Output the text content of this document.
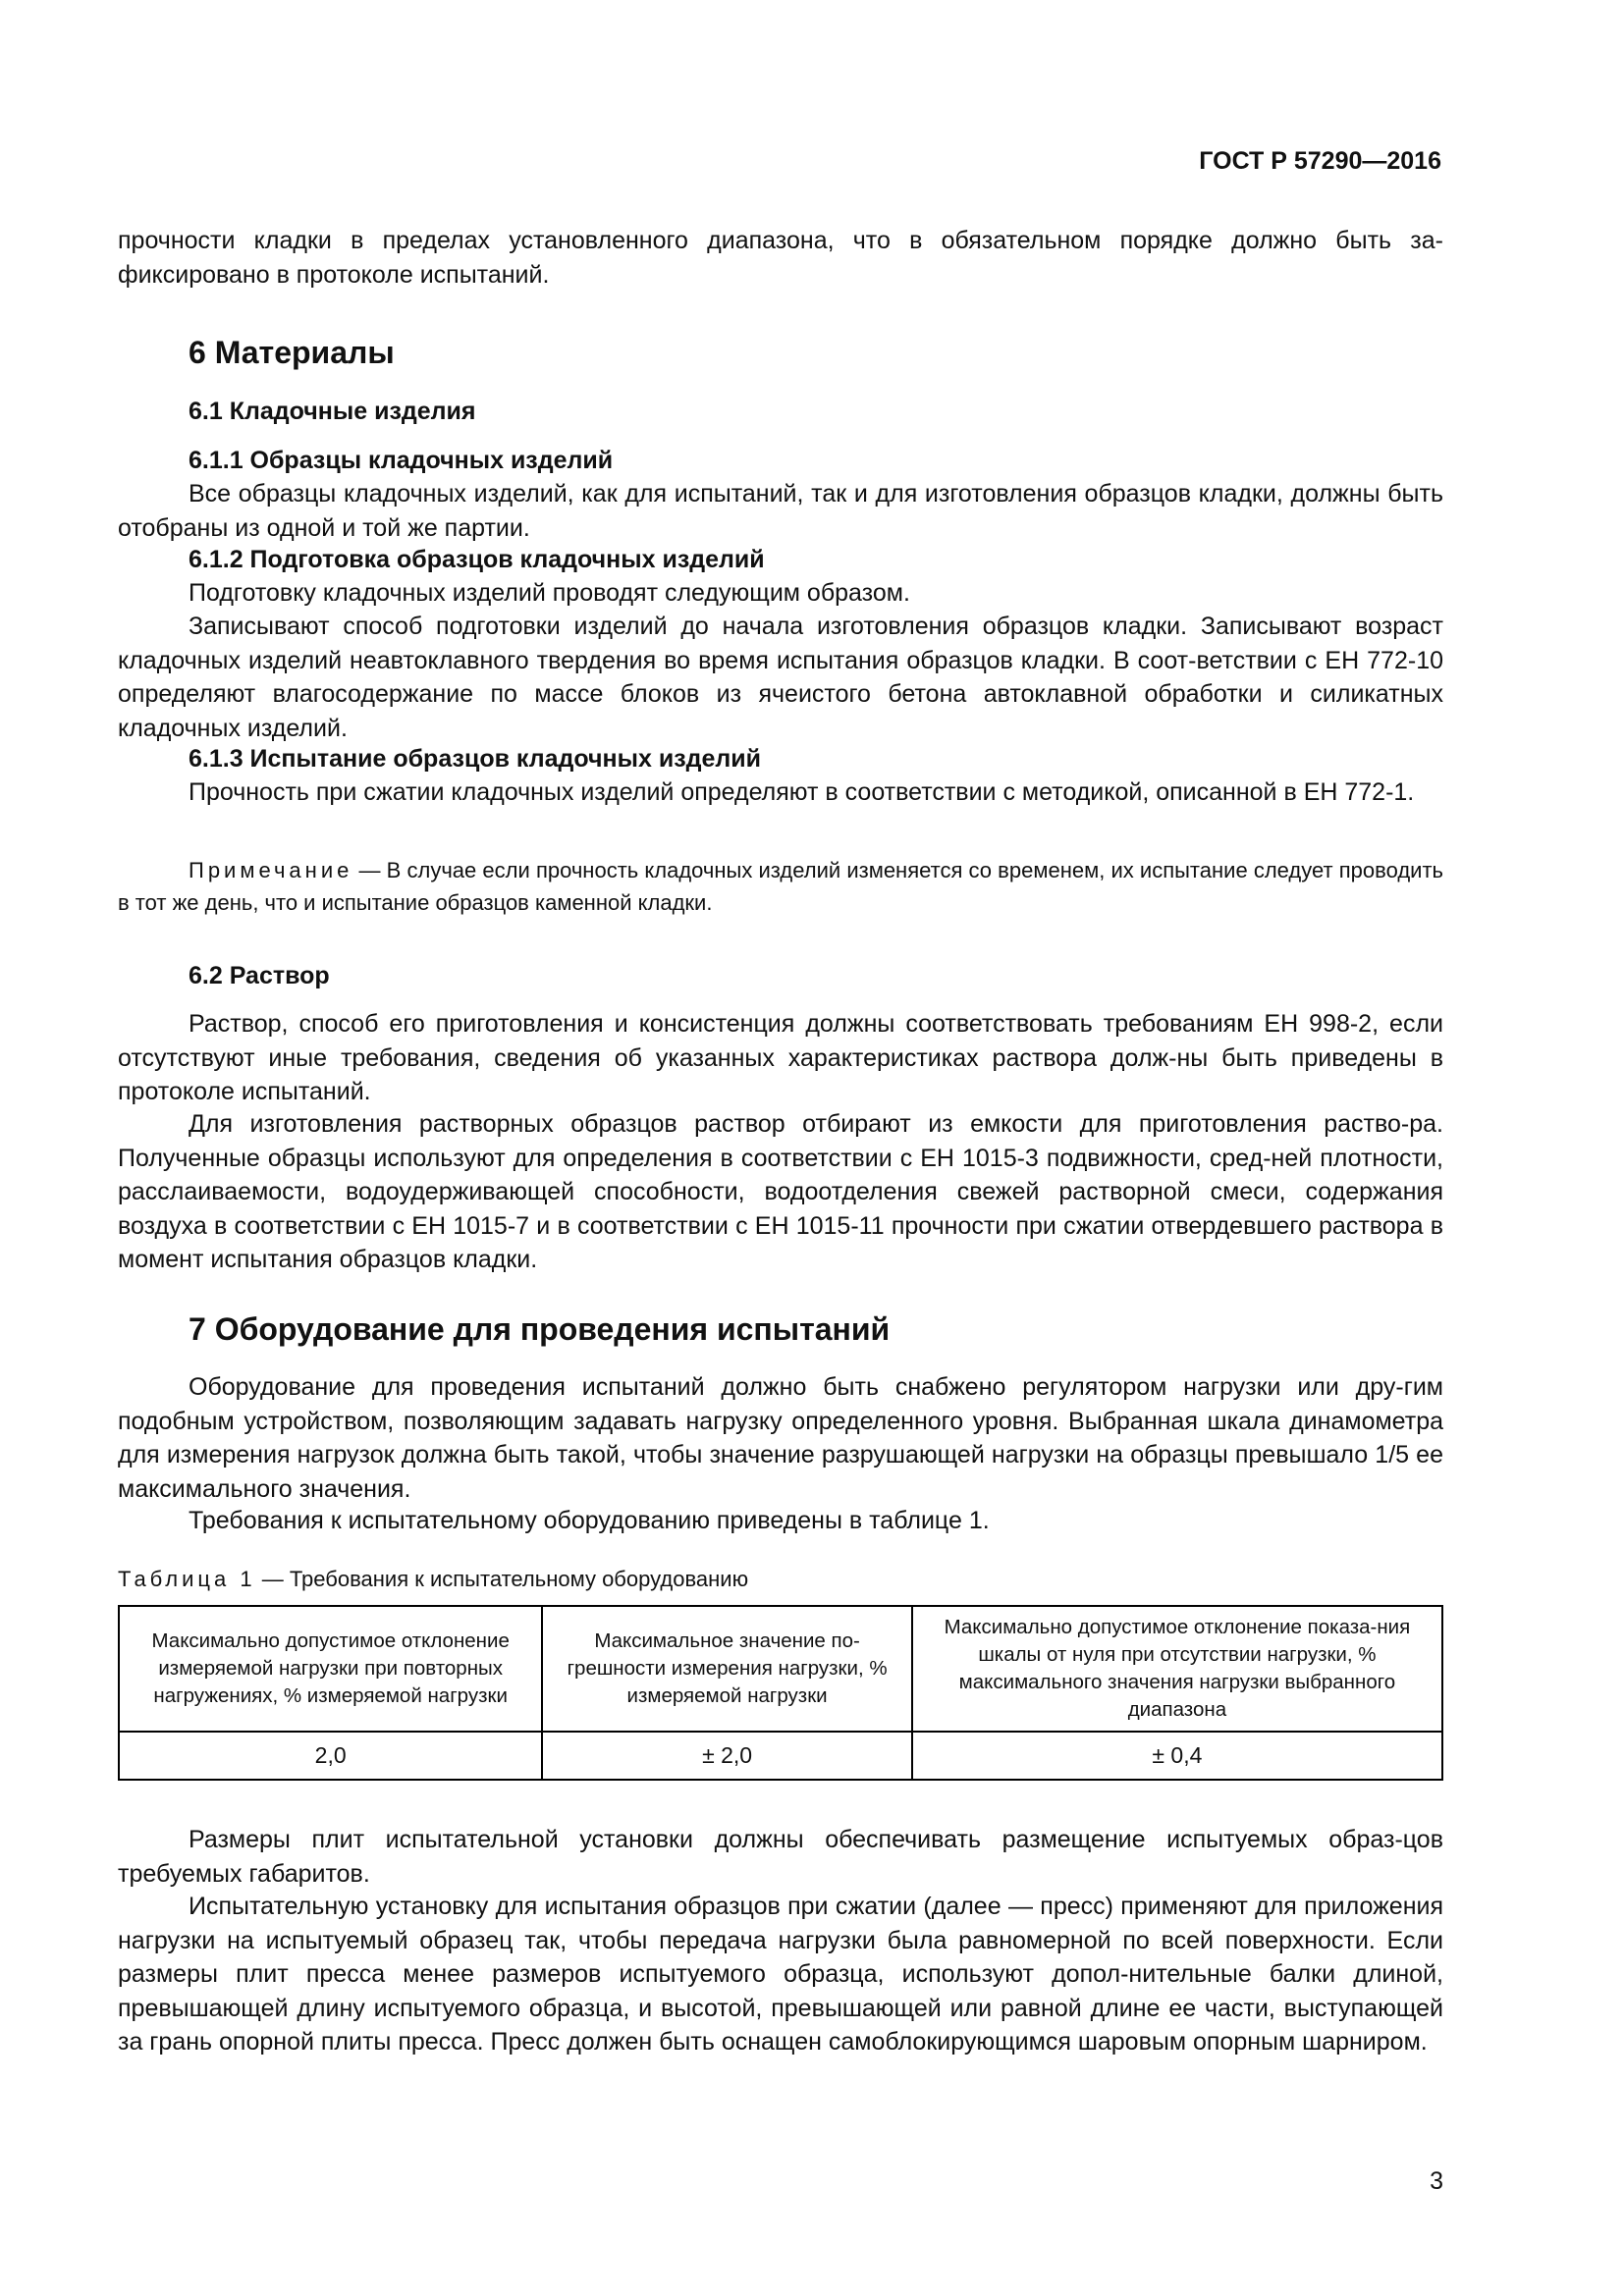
ГОСТ Р 57290—2016
прочности кладки в пределах установленного диапазона, что в обязательном порядке должно быть за-фиксировано в протоколе испытаний.
6 Материалы
6.1 Кладочные изделия
6.1.1 Образцы кладочных изделий
Все образцы кладочных изделий, как для испытаний, так и для изготовления образцов кладки, должны быть отобраны из одной и той же партии.
6.1.2 Подготовка образцов кладочных изделий
Подготовку кладочных изделий проводят следующим образом.
Записывают способ подготовки изделий до начала изготовления образцов кладки. Записывают возраст кладочных изделий неавтоклавного твердения во время испытания образцов кладки. В соот-ветствии с ЕН 772-10 определяют влагосодержание по массе блоков из ячеистого бетона автоклавной обработки и силикатных кладочных изделий.
6.1.3 Испытание образцов кладочных изделий
Прочность при сжатии кладочных изделий определяют в соответствии с методикой, описанной в ЕН 772-1.
Примечание — В случае если прочность кладочных изделий изменяется со временем, их испытание следует проводить в тот же день, что и испытание образцов каменной кладки.
6.2 Раствор
Раствор, способ его приготовления и консистенция должны соответствовать требованиям ЕН 998-2, если отсутствуют иные требования, сведения об указанных характеристиках раствора долж-ны быть приведены в протоколе испытаний.
Для изготовления растворных образцов раствор отбирают из емкости для приготовления раство-ра. Полученные образцы используют для определения в соответствии с ЕН 1015-3 подвижности, сред-ней плотности, расслаиваемости, водоудерживающей способности, водоотделения свежей растворной смеси, содержания воздуха в соответствии с ЕН 1015-7 и в соответствии с ЕН 1015-11 прочности при сжатии отвердевшего раствора в момент испытания образцов кладки.
7 Оборудование для проведения испытаний
Оборудование для проведения испытаний должно быть снабжено регулятором нагрузки или дру-гим подобным устройством, позволяющим задавать нагрузку определенного уровня. Выбранная шкала динамометра для измерения нагрузок должна быть такой, чтобы значение разрушающей нагрузки на образцы превышало 1/5 ее максимального значения.
Требования к испытательному оборудованию приведены в таблице 1.
Таблица 1 — Требования к испытательному оборудованию
Максимально допустимое отклонение измеряемой нагрузки при повторных нагружениях, % измеряемой нагрузки	Максимальное значение по-грешности измерения нагрузки, % измеряемой нагрузки	Максимально допустимое отклонение показа-ния шкалы от нуля при отсутствии нагрузки, % максимального значения нагрузки выбранного диапазона
2,0	± 2,0	± 0,4
Размеры плит испытательной установки должны обеспечивать размещение испытуемых образ-цов требуемых габаритов.
Испытательную установку для испытания образцов при сжатии (далее — пресс) применяют для приложения нагрузки на испытуемый образец так, чтобы передача нагрузки была равномерной по всей поверхности. Если размеры плит пресса менее размеров испытуемого образца, используют допол-нительные балки длиной, превышающей длину испытуемого образца, и высотой, превышающей или равной длине ее части, выступающей за грань опорной плиты пресса. Пресс должен быть оснащен самоблокирующимся шаровым опорным шарниром.
3
